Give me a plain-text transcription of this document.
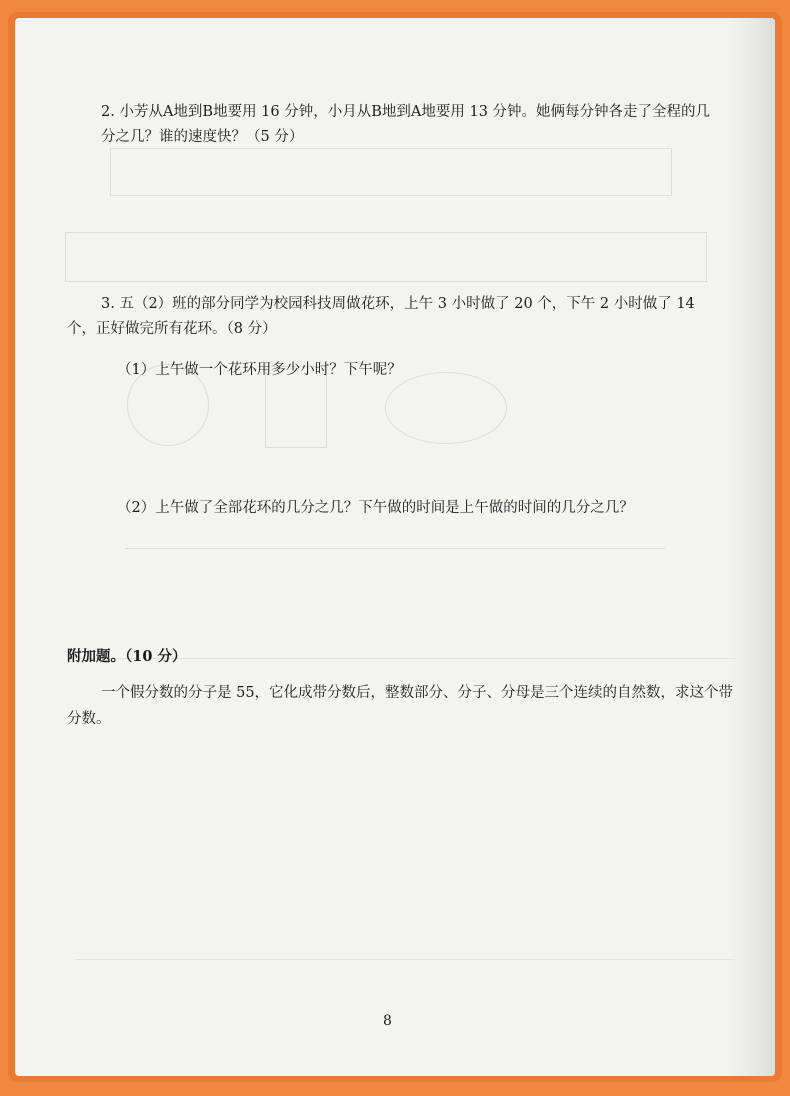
2. 小芳从A地到B地要用 16 分钟，小月从B地到A地要用 13 分钟。她俩每分钟各走了全程的几分之几？谁的速度快？（5 分）
3. 五（2）班的部分同学为校园科技周做花环，上午 3 小时做了 20 个，下午 2 小时做了 14 个，正好做完所有花环。（8 分）
（1）上午做一个花环用多少小时？下午呢？
（2）上午做了全部花环的几分之几？下午做的时间是上午做的时间的几分之几？
附加题。（10 分）
一个假分数的分子是 55，它化成带分数后，整数部分、分子、分母是三个连续的自然数，求这个带分数。
8
